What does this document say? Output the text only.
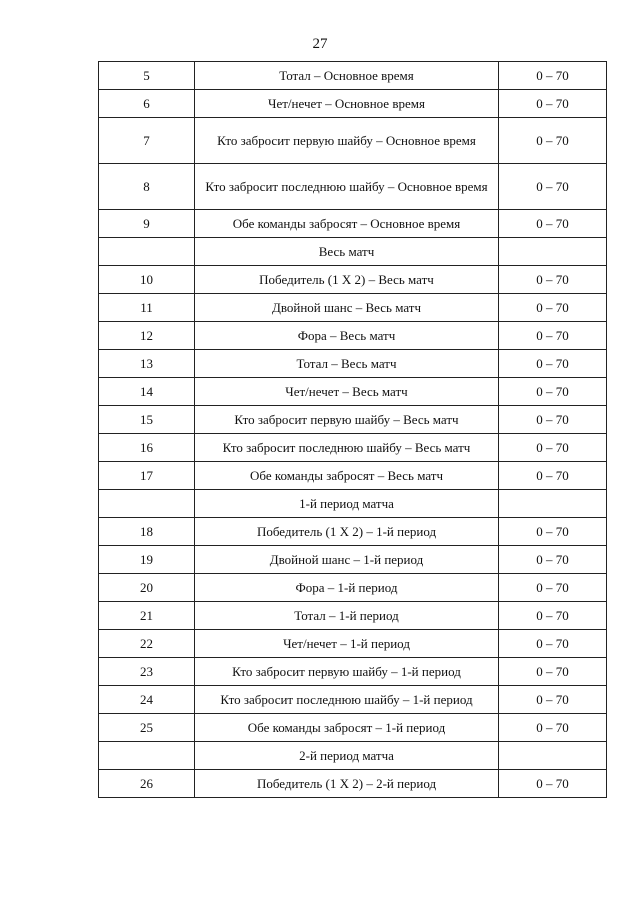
27
5	Тотал – Основное время	0 – 70
6	Чет/нечет – Основное время	0 – 70
7	Кто забросит первую шайбу – Основное время	0 – 70
8	Кто забросит последнюю шайбу – Основное время	0 – 70
9	Обе команды забросят – Основное время	0 – 70
	Весь матч	
10	Победитель (1 X 2) – Весь матч	0 – 70
11	Двойной шанс – Весь матч	0 – 70
12	Фора – Весь матч	0 – 70
13	Тотал – Весь матч	0 – 70
14	Чет/нечет – Весь матч	0 – 70
15	Кто забросит первую шайбу – Весь матч	0 – 70
16	Кто забросит последнюю шайбу – Весь матч	0 – 70
17	Обе команды забросят – Весь матч	0 – 70
	1-й период матча	
18	Победитель (1 X 2) – 1-й период	0 – 70
19	Двойной шанс – 1-й период	0 – 70
20	Фора – 1-й период	0 – 70
21	Тотал – 1-й период	0 – 70
22	Чет/нечет – 1-й период	0 – 70
23	Кто забросит первую шайбу – 1-й период	0 – 70
24	Кто забросит последнюю шайбу – 1-й период	0 – 70
25	Обе команды забросят – 1-й период	0 – 70
	2-й период матча	
26	Победитель (1 X 2) – 2-й период	0 – 70
